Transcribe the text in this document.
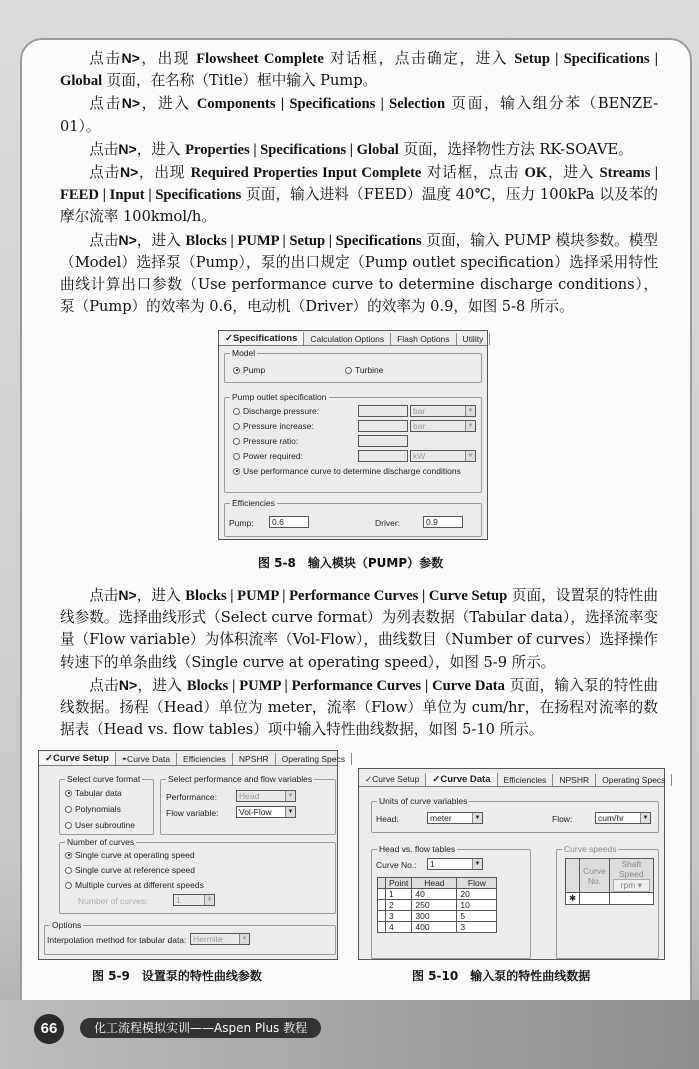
点击N>，出现 Flowsheet Complete 对话框，点击确定，进入 Setup | Specifications | Global 页面，在名称（Title）框中输入 Pump。

点击N>，进入 Components | Specifications | Selection 页面，输入组分苯（BENZE-01）。

点击N>，进入 Properties | Specifications | Global 页面，选择物性方法 RK-SOAVE。

点击N>，出现 Required Properties Input Complete 对话框，点击 OK，进入 Streams | FEED | Input | Specifications 页面，输入进料（FEED）温度 40℃，压力 100kPa 以及苯的摩尔流率 100kmol/h。

点击N>，进入 Blocks | PUMP | Setup | Specifications 页面，输入 PUMP 模块参数。模型（Model）选择泵（Pump），泵的出口规定（Pump outlet specification）选择采用特性曲线计算出口参数（Use performance curve to determine discharge conditions），泵（Pump）的效率为 0.6，电动机（Driver）的效率为 0.9，如图 5-8 所示。

✓Specifications	Calculation Options	Flash Options	Utility
Model
Pump	Turbine
Pump outlet specification
Discharge pressure:
Pressure increase:
Pressure ratio:
Power required:
Use performance curve to determine discharge conditions
bar	▼
bar	▼
kW	▼
Efficiencies
Pump:	0.6	Driver:	0.9
图 5-8　输入模块（PUMP）参数

点击N>，进入 Blocks | PUMP | Performance Curves | Curve Setup 页面，设置泵的特性曲线参数。选择曲线形式（Select curve format）为列表数据（Tabular data），选择流率变量（Flow variable）为体积流率（Vol-Flow），曲线数目（Number of curves）选择操作转速下的单条曲线（Single curve at operating speed），如图 5-9 所示。

点击N>，进入 Blocks | PUMP | Performance Curves | Curve Data 页面，输入泵的特性曲线数据。扬程（Head）单位为 meter，流率（Flow）单位为 cum/hr，在扬程对流率的数据表（Head vs. flow tables）项中输入特性曲线数据，如图 5-10 所示。

✓Curve Setup	◓Curve Data	Efficiencies	NPSHR	Operating Specs
Select curve format
Tabular data
Polynomials
User subroutine
Select performance and flow variables
Performance:	Head	▼
Flow variable:	Vol-Flow	▼
Number of curves
Single curve at operating speed
Single curve at reference speed
Multiple curves at different speeds
Number of curves:	1	⬍
Options
Interpolation method for tabular data: Hermite	▼
图 5-9　设置泵的特性曲线参数
✓Curve Setup	✓Curve Data	Efficiencies	NPSHR	Operating Specs
Units of curve variables
Head:	meter	▼	Flow:	cum/hr	▼
Head vs. flow tables
Curve No.:	1	▼
	Point	Head	Flow
	1	40	20
	2	250	10
	3	300	5
	4	400	3
Curve speeds
	Curve No.	Shaft Speed
rpm ▾

✱		
图 5-10　输入泵的特性曲线数据
66	化工流程模拟实训——Aspen Plus 教程
